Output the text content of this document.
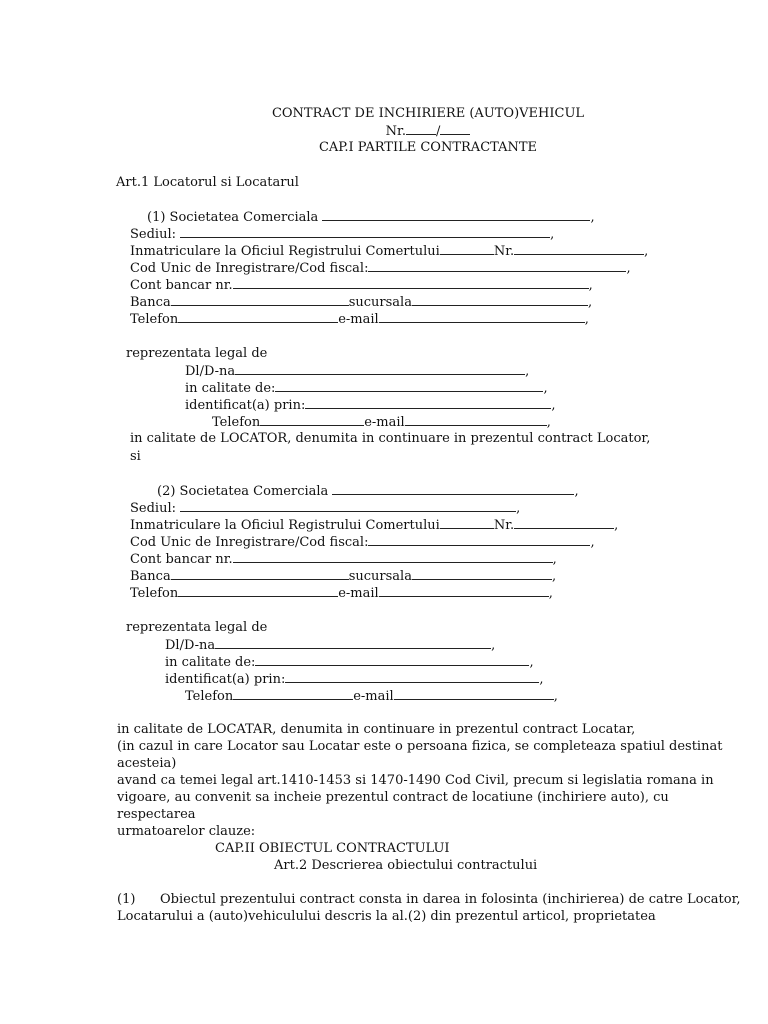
CONTRACT DE INCHIRIERE (AUTO)VEHICUL
Nr. /
CAP.I PARTILE CONTRACTANTE
Art.1 Locatorul si Locatarul
(1) Societatea Comerciala	,
Sediul:	,
Inmatriculare la Oficiul Registrului Comertului	Nr.	,
Cod Unic de Inregistrare/Cod fiscal:	,
Cont bancar nr.	,
Banca	sucursala	,
Telefon	e-mail	,
reprezentata legal de
Dl/D-na	,
in calitate de:	,
identificat(a) prin:	,
Telefon	e-mail	,
in calitate de LOCATOR, denumita in continuare in prezentul contract Locator,
si
(2) Societatea Comerciala	,
Sediul:	,
Inmatriculare la Oficiul Registrului Comertului	Nr.	,
Cod Unic de Inregistrare/Cod fiscal:	,
Cont bancar nr.	,
Banca	sucursala	,
Telefon	e-mail	,
reprezentata legal de
Dl/D-na	,
in calitate de:	,
identificat(a) prin:	,
Telefon	e-mail	,
in calitate de LOCATAR, denumita in continuare in prezentul contract Locatar,
(in cazul in care Locator sau Locatar este o persoana fizica, se completeaza spatiul destinat
acesteia)
avand ca temei legal art.1410-1453 si 1470-1490 Cod Civil, precum si legislatia romana in
vigoare, au convenit sa incheie prezentul contract de locatiune (inchiriere auto), cu
respectarea
urmatoarelor clauze:
CAP.II OBIECTUL CONTRACTULUI
Art.2 Descrierea obiectului contractului
(1) Obiectul prezentului contract consta in darea in folosinta (inchirierea) de catre Locator,
Locatarului a (auto)vehiculului descris la al.(2) din prezentul articol, proprietatea
